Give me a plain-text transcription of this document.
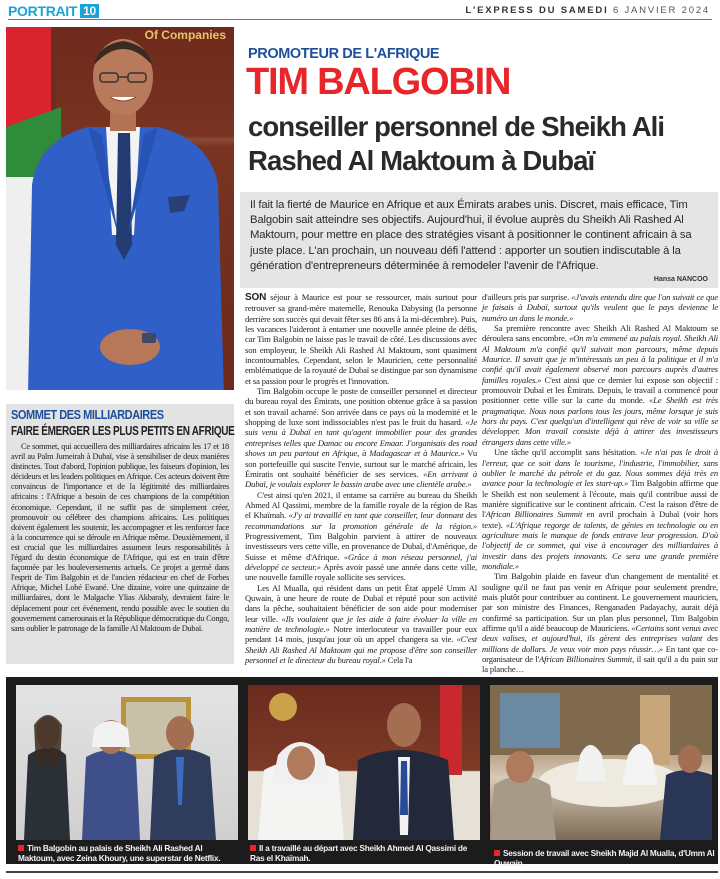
PORTRAIT 10	L'EXPRESS DU SAMEDI 6 JANVIER 2024
Of Companies
PROMOTEUR DE L'AFRIQUE
TIM BALGOBIN
conseiller personnel de Sheikh Ali Rashed Al Maktoum à Dubaï

Il fait la fierté de Maurice en Afrique et aux Émirats arabes unis. Discret, mais efficace, Tim Balgobin sait atteindre ses objectifs. Aujourd'hui, il évolue auprès du Sheikh Ali Rashed Al Maktoum, pour mettre en place des stratégies visant à positionner le continent africain à sa juste place. L'an prochain, un nouveau défi l'attend : apporter un soutien indiscutable à la génération d'entrepreneurs déterminée à remodeler l'avenir de l'Afrique.

Hansa NANCOO
SOMMET DES MILLIARDAIRES
FAIRE ÉMERGER LES PLUS PETITS EN AFRIQUE

Ce sommet, qui accueillera des milliardaires africains les 17 et 18 avril au Palm Jumeirah à Dubaï, vise à sensibiliser de deux manières distinctes. Tout d'abord, l'opinion publique, les faiseurs d'opinion, les décideurs et les leaders politiques en Afrique. Ces acteurs doivent être convaincus de l'importance et de la légitimité des milliardaires africains : l'Afrique a besoin de ces champions de la compétition économique. Cependant, il ne suffit pas de simplement créer, promouvoir ou célébrer des champions africains. Les politiques doivent également les soutenir, les accompagner et les renforcer face à la concurrence qui se déroule en Afrique même. Deuxièmement, il est crucial que les milliardaires assument leurs responsabilités à l'égard du destin économique de l'Afrique, qui est en train d'être façonnée par les bouleversements actuels. Ce projet a germé dans l'esprit de Tim Balgobin et de l'ancien rédacteur en chef de Forbes Afrique, Michel Lobé Ewané. Une dizaine, voire une quinzaine de milliardaires, dont le Malgache Ylias Akbaraly, devraient faire le déplacement pour cet événement, rendu possible avec le soutien du gouvernement camerounais et la République démocratique du Congo, sans oublier le patronage de la famille Al Maktoum de Dubaï.

SON séjour à Maurice est pour se ressourcer, mais surtout pour retrouver sa grand-mère maternelle, Renouka Dabysing (la personne derrière son succès qui devait fêter ses 86 ans à la mi-décembre). Puis, les vacances l'aideront à entamer une nouvelle année pleine de défis, car Tim Balgobin ne laisse pas le travail de côté. Les discussions avec son employeur, le Sheikh Ali Rashed Al Maktoum, sont quasiment incontournables. Cependant, selon le Mauricien, cette personnalité emblématique de la royauté de Dubaï se distingue par son dynamisme et sa passion pour le progrès et l'innovation.

Tim Balgobin occupe le poste de conseiller personnel et directeur du bureau royal des Émirats, une position obtenue grâce à sa passion et son travail acharné. Son arrivée dans ce pays où la modernité et le shopping de luxe sont indissociables n'est pas le fruit du hasard. «Je suis venu à Dubaï en tant qu'agent immobilier pour des grandes entreprises telles que Damac ou encore Emaar. J'organisais des road shows un peu partout en Afrique, à Madagascar et à Maurice.» Vu son portefeuille qui suscite l'envie, surtout sur le marché africain, les Émiratis ont souhaité bénéficier de ses services. «En arrivant à Dubaï, je voulais explorer le bassin arabe avec une clientèle arabe.»

C'est ainsi qu'en 2021, il entame sa carrière au bureau du Sheikh Ahmed Al Qassimi, membre de la famille royale de la région de Ras el Khaïmah. «J'y ai travaillé en tant que conseiller, leur donnant des recommandations sur la promotion générale de la région.» Progressivement, Tim Balgobin parvient à attirer de nouveaux investisseurs vers cette ville, en provenance de Dubaï, d'Amérique, de Suisse et même d'Afrique. «Grâce à mon réseau personnel, j'ai développé ce secteur.» Après avoir passé une année dans cette ville, une nouvelle famille royale sollicite ses services.

Les Al Mualla, qui résident dans un petit État appelé Umm Al Quwain, à une heure de route de Dubaï et réputé pour son activité dans la pêche, souhaitaient bénéficier de son aide pour moderniser leur ville. «Ils voulaient que je les aide à faire évoluer la ville en matière de technologie.» Notre interlocuteur va travailler pour eux pendant 14 mois, jusqu'au jour où un appel changera sa vie. «C'est Sheikh Ali Rashed Al Maktoum qui me propose d'être son conseiller personnel et le directeur du bureau royal.» Cela l'a

d'ailleurs pris par surprise. «J'avais entendu dire que l'on suivait ce que je faisais à Dubaï, surtout qu'ils veulent que le pays devienne le numéro un dans le monde.»

Sa première rencontre avec Sheikh Ali Rashed Al Maktoum se déroulera sans encombre. «On m'a emmené au palais royal. Sheikh Ali Al Maktoum m'a confié qu'il suivait mon parcours, même depuis Maurice. Il savait que je m'intéressais un peu à la politique et il m'a confié qu'il avait également observé mon parcours auprès d'autres familles royales.» C'est ainsi que ce dernier lui expose son objectif : promouvoir Dubaï et les Émirats. Depuis, le travail a commencé pour positionner cette ville sur la carte du monde. «Le Sheikh est très pragmatique. Nous nous parlons tous les jours, même lorsque je suis hors du pays. C'est quelqu'un d'intelligent qui rêve de voir sa ville se développer. Mon travail consiste déjà à attirer des investisseurs étrangers dans cette ville.»

Une tâche qu'il accomplit sans hésitation. «Je n'ai pas le droit à l'erreur, que ce soit dans le tourisme, l'industrie, l'immobilier, sans oublier le marché du pétrole et du gaz. Nous sommes déjà très en avance pour la technologie et les start-up.» Tim Balgobin affirme que le Sheikh est non seulement à l'écoute, mais qu'il contribue aussi de manière significative sur le continent africain. C'est la raison d'être de l'African Billionaires Summit en avril prochain à Dubaï (voir hors texte). «L'Afrique regorge de talents, de génies en technologie ou en agriculture mais le manque de fonds entrave leur progression. D'où l'objectif de ce sommet, qui vise à encourager des milliardaires à investir dans des projets innovants. Ce sera une grande première mondiale.»

Tim Balgobin plaide en faveur d'un changement de mentalité et souligne qu'il ne faut pas venir en Afrique pour seulement prendre, mais plutôt pour contribuer au continent. Le gouvernement mauricien, par son ministre des Finances, Renganaden Padayachy, aurait déjà confirmé sa participation. Sur un plan plus personnel, Tim Balgobin affirme qu'il a aidé beaucoup de Mauriciens. «Certains sont venus avec deux valises, et aujourd'hui, ils gèrent des entreprises valant des millions de dollars. Je veux voir mon pays réussir…» En tant que co-organisateur de l'African Billionaires Summit, il sait qu'il a du pain sur la planche…

Tim Balgobin au palais de Sheikh Ali Rashed Al Maktoum, avec Zeina Khoury, une superstar de Netflix.
Il a travaillé au départ avec Sheikh Ahmed Al Qassimi de Ras el Khaïmah.	Session de travail avec Sheikh Majid Al Mualla, d'Umm Al Quwain.
